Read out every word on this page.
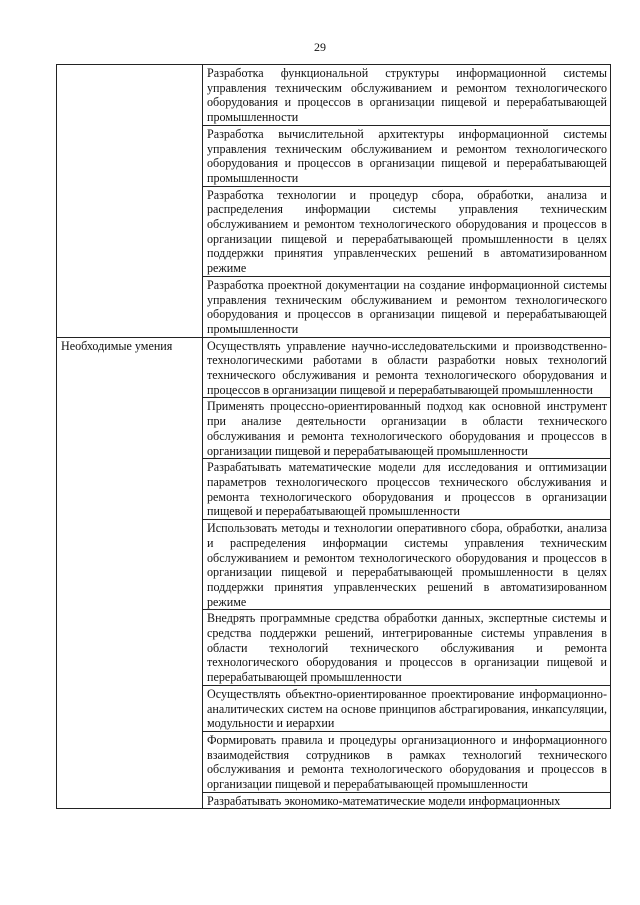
29

	Разработка функциональной структуры информационной системы управления техническим обслуживанием и ремонтом технологического оборудования и процессов в организации пищевой и перерабатывающей промышленности

	Разработка вычислительной архитектуры информационной системы управления техническим обслуживанием и ремонтом технологического оборудования и процессов в организации пищевой и перерабатывающей промышленности

	Разработка технологии и процедур сбора, обработки, анализа и распределения информации системы управления техническим обслуживанием и ремонтом технологического оборудования и процессов в организации пищевой и перерабатывающей промышленности в целях поддержки принятия управленческих решений в автоматизированном режиме

	Разработка проектной документации на создание информационной системы управления техническим обслуживанием и ремонтом технологического оборудования и процессов в организации пищевой и перерабатывающей промышленности

Необходимые умения	Осуществлять управление научно-исследовательскими и производственно-технологическими работами в области разработки новых технологий технического обслуживания и ремонта технологического оборудования и процессов в организации пищевой и перерабатывающей промышленности

	Применять процессно-ориентированный подход как основной инструмент при анализе деятельности организации в области технического обслуживания и ремонта технологического оборудования и процессов в организации пищевой и перерабатывающей промышленности

	Разрабатывать математические модели для исследования и оптимизации параметров технологического процессов технического обслуживания и ремонта технологического оборудования и процессов в организации пищевой и перерабатывающей промышленности

	Использовать методы и технологии оперативного сбора, обработки, анализа и распределения информации системы управления техническим обслуживанием и ремонтом технологического оборудования и процессов в организации пищевой и перерабатывающей промышленности в целях поддержки принятия управленческих решений в автоматизированном режиме

	Внедрять программные средства обработки данных, экспертные системы и средства поддержки решений, интегрированные системы управления в области технологий технического обслуживания и ремонта технологического оборудования и процессов в организации пищевой и перерабатывающей промышленности

	Осуществлять объектно-ориентированное проектирование информационно-аналитических систем на основе принципов абстрагирования, инкапсуляции, модульности и иерархии

	Формировать правила и процедуры организационного и информационного взаимодействия сотрудников в рамках технологий технического обслуживания и ремонта технологического оборудования и процессов в организации пищевой и перерабатывающей промышленности

	Разрабатывать экономико-математические модели информационных
